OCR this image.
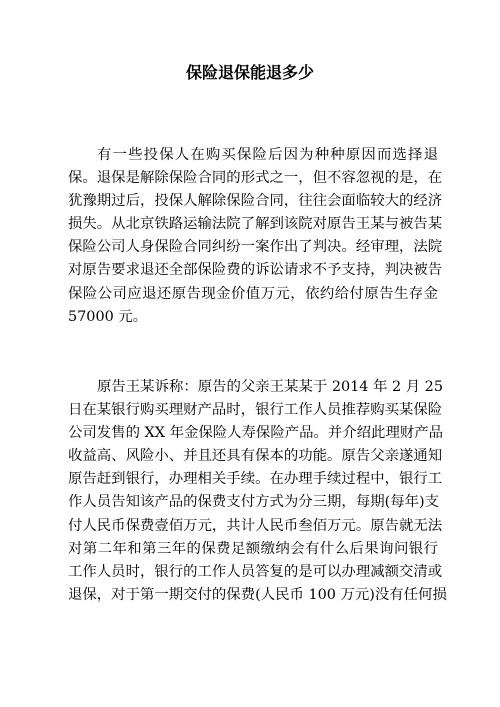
保险退保能退多少
有一些投保人在购买保险后因为种种原因而选择退
保。退保是解除保险合同的形式之一，但不容忽视的是，在
犹豫期过后，投保人解除保险合同，往往会面临较大的经济
损失。从北京铁路运输法院了解到该院对原告王某与被告某
保险公司人身保险合同纠纷一案作出了判决。经审理，法院
对原告要求退还全部保险费的诉讼请求不予支持，判决被告
保险公司应退还原告现金价值万元，依约给付原告生存金
57000 元。
原告王某诉称：原告的父亲王某某于 2014 年 2 月 25
日在某银行购买理财产品时，银行工作人员推荐购买某保险
公司发售的 XX 年金保险人寿保险产品。并介绍此理财产品
收益高、风险小、并且还具有保本的功能。原告父亲遂通知
原告赶到银行，办理相关手续。在办理手续过程中，银行工
作人员告知该产品的保费支付方式为分三期，每期(每年)支
付人民币保费壹佰万元，共计人民币叁佰万元。原告就无法
对第二年和第三年的保费足额缴纳会有什么后果询问银行
工作人员时，银行的工作人员答复的是可以办理减额交清或
退保，对于第一期交付的保费(人民币 100 万元)没有任何损
